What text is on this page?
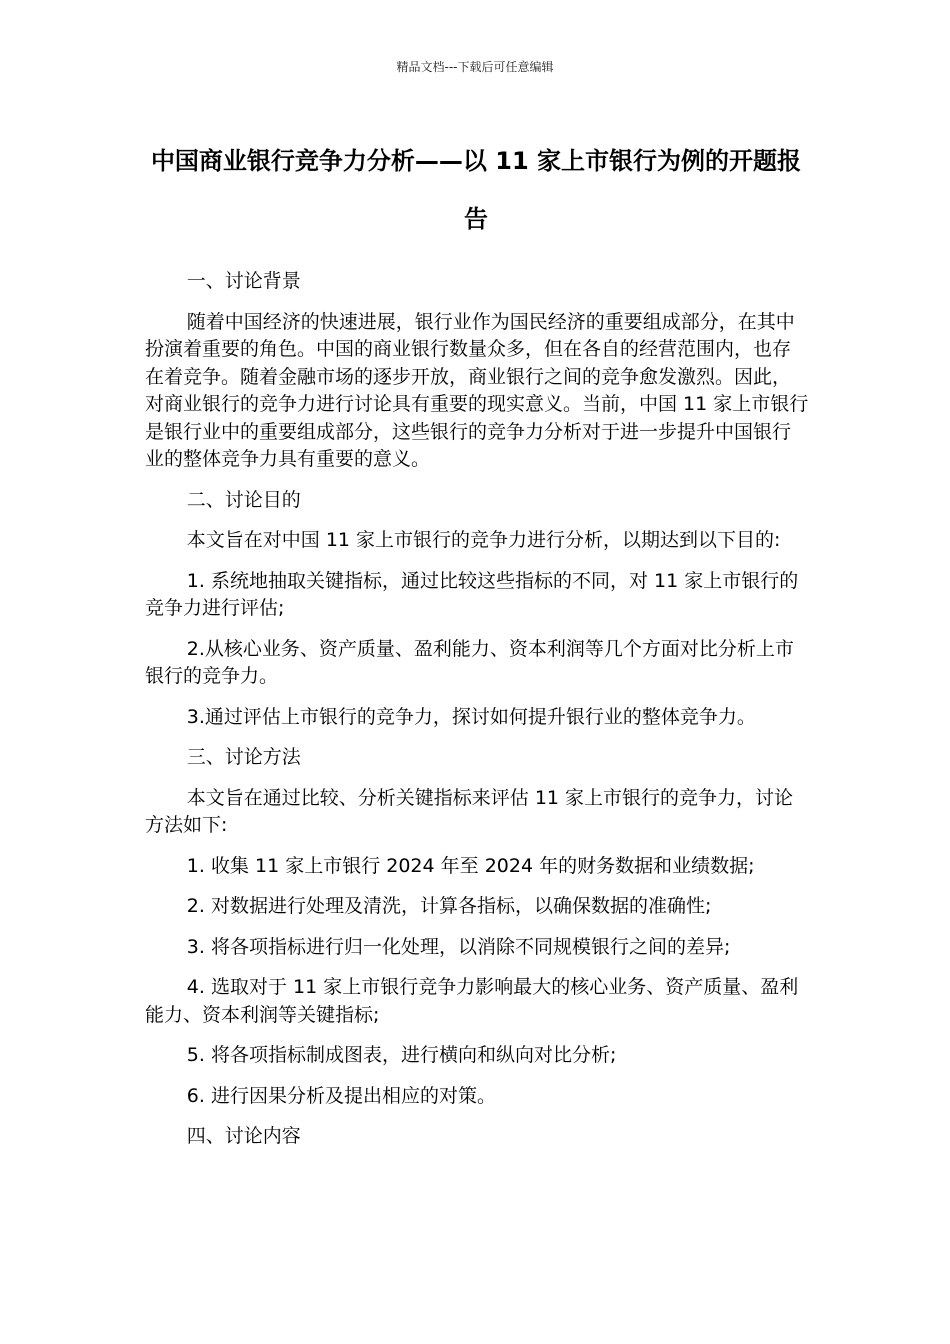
精品文档---下载后可任意编辑
中国商业银行竞争力分析——以 11 家上市银行为例的开题报告

一、讨论背景

随着中国经济的快速进展，银行业作为国民经济的重要组成部分，在其中扮演着重要的角色。中国的商业银行数量众多，但在各自的经营范围内，也存在着竞争。随着金融市场的逐步开放，商业银行之间的竞争愈发激烈。因此，对商业银行的竞争力进行讨论具有重要的现实意义。当前，中国 11 家上市银行是银行业中的重要组成部分，这些银行的竞争力分析对于进一步提升中国银行业的整体竞争力具有重要的意义。

二、讨论目的

本文旨在对中国 11 家上市银行的竞争力进行分析，以期达到以下目的:

1. 系统地抽取关键指标，通过比较这些指标的不同，对 11 家上市银行的竞争力进行评估;

2.从核心业务、资产质量、盈利能力、资本利润等几个方面对比分析上市银行的竞争力。

3.通过评估上市银行的竞争力，探讨如何提升银行业的整体竞争力。

三、讨论方法

本文旨在通过比较、分析关键指标来评估 11 家上市银行的竞争力，讨论方法如下:

1. 收集 11 家上市银行 2024 年至 2024 年的财务数据和业绩数据;

2. 对数据进行处理及清洗，计算各指标，以确保数据的准确性;

3. 将各项指标进行归一化处理，以消除不同规模银行之间的差异;

4. 选取对于 11 家上市银行竞争力影响最大的核心业务、资产质量、盈利能力、资本利润等关键指标;

5. 将各项指标制成图表，进行横向和纵向对比分析;

6. 进行因果分析及提出相应的对策。

四、讨论内容
